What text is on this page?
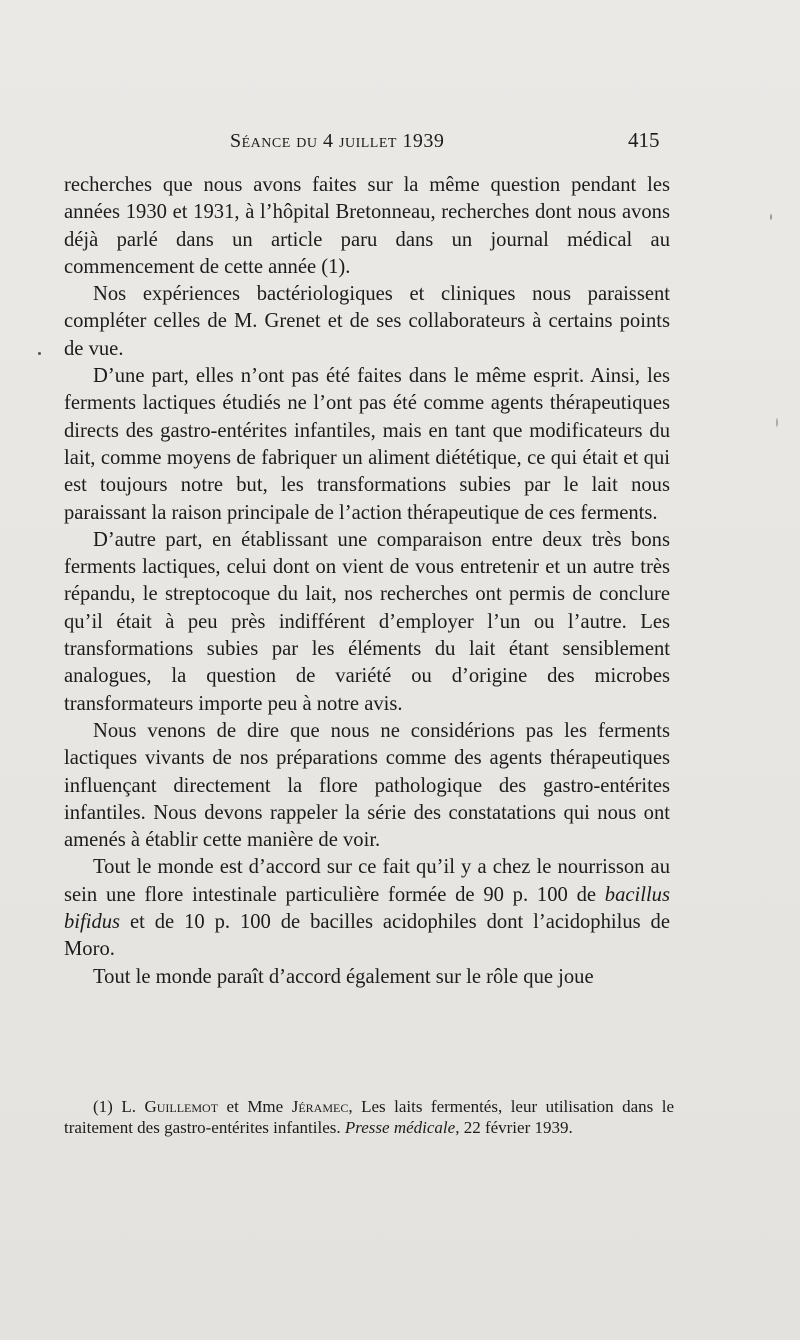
Séance du 4 juillet 1939	415

recherches que nous avons faites sur la même question pendant les années 1930 et 1931, à l’hôpital Bretonneau, recherches dont nous avons déjà parlé dans un article paru dans un journal médical au commencement de cette année (1).

Nos expériences bactériologiques et cliniques nous paraissent compléter celles de M. Grenet et de ses collaborateurs à certains points de vue.

D’une part, elles n’ont pas été faites dans le même esprit. Ainsi, les ferments lactiques étudiés ne l’ont pas été comme agents thérapeutiques directs des gastro-entérites infantiles, mais en tant que modificateurs du lait, comme moyens de fabriquer un aliment diététique, ce qui était et qui est toujours notre but, les transformations subies par le lait nous paraissant la raison principale de l’action thérapeutique de ces ferments.

D’autre part, en établissant une comparaison entre deux très bons ferments lactiques, celui dont on vient de vous entretenir et un autre très répandu, le streptocoque du lait, nos recherches ont permis de conclure qu’il était à peu près indifférent d’employer l’un ou l’autre. Les transformations subies par les éléments du lait étant sensiblement analogues, la question de variété ou d’origine des microbes transformateurs importe peu à notre avis.

Nous venons de dire que nous ne considérions pas les ferments lactiques vivants de nos préparations comme des agents thérapeutiques influençant directement la flore pathologique des gastro-entérites infantiles. Nous devons rappeler la série des constatations qui nous ont amenés à établir cette manière de voir.

Tout le monde est d’accord sur ce fait qu’il y a chez le nourrisson au sein une flore intestinale particulière formée de 90 p. 100 de bacillus bifidus et de 10 p. 100 de bacilles acidophiles dont l’acidophilus de Moro.

Tout le monde paraît d’accord également sur le rôle que joue

(1) L. Guillemot et Mme Jéramec, Les laits fermentés, leur utilisation dans le traitement des gastro-entérites infantiles. Presse médicale, 22 février 1939.
